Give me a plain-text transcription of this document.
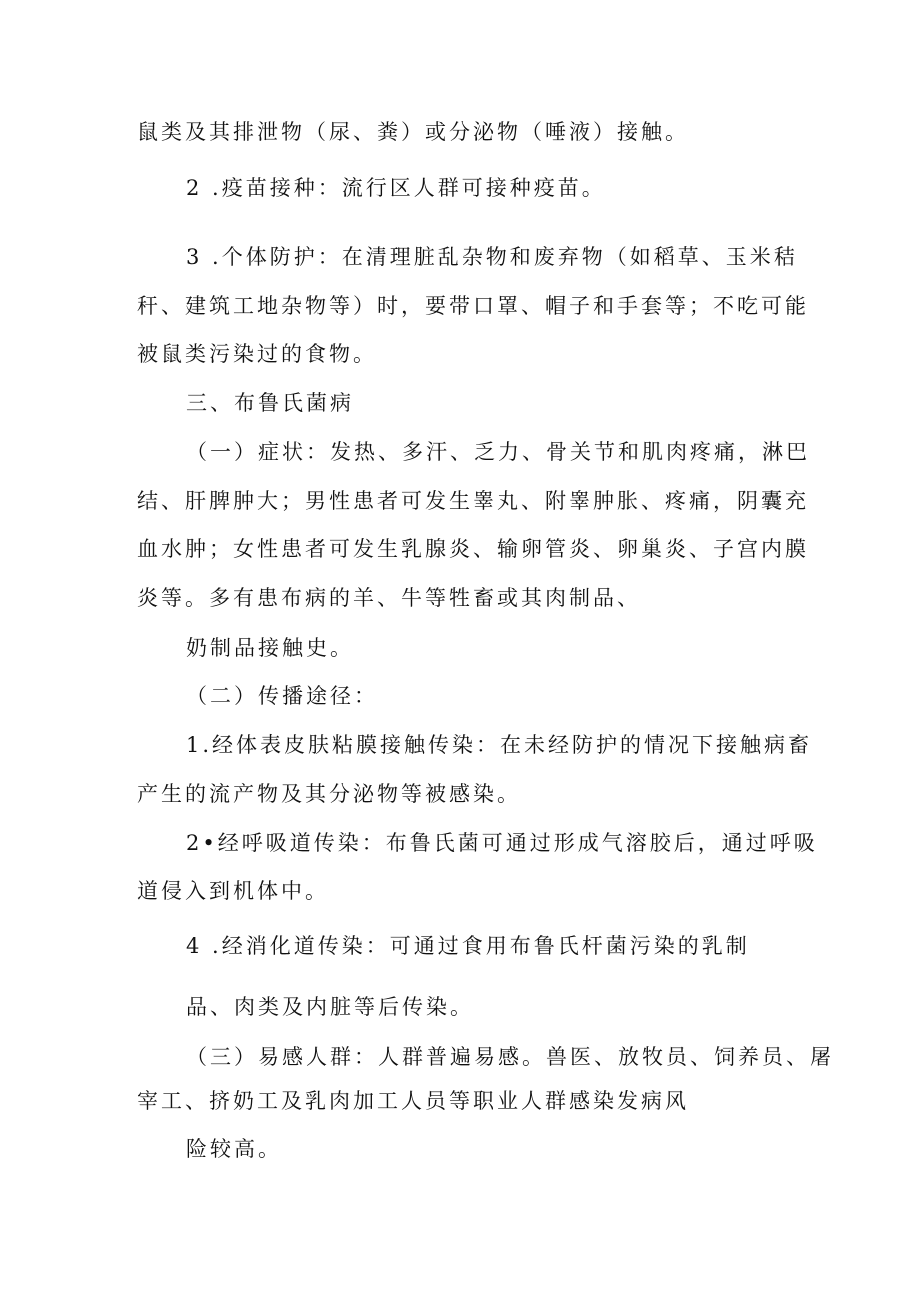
鼠类及其排泄物（尿、粪）或分泌物（唾液）接触。

2 .疫苗接种：流行区人群可接种疫苗。

3 .个体防护：在清理脏乱杂物和废弃物（如稻草、玉米秸

秆、建筑工地杂物等）时，要带口罩、帽子和手套等；不吃可能

被鼠类污染过的食物。

三、布鲁氏菌病

（一）症状：发热、多汗、乏力、骨关节和肌肉疼痛，淋巴

结、肝脾肿大；男性患者可发生睾丸、附睾肿胀、疼痛，阴囊充

血水肿；女性患者可发生乳腺炎、输卵管炎、卵巢炎、子宫内膜

炎等。多有患布病的羊、牛等牲畜或其肉制品、

奶制品接触史。

（二）传播途径：

1.经体表皮肤粘膜接触传染：在未经防护的情况下接触病畜

产生的流产物及其分泌物等被感染。

2•经呼吸道传染：布鲁氏菌可通过形成气溶胶后，通过呼吸

道侵入到机体中。

4 .经消化道传染：可通过食用布鲁氏杆菌污染的乳制

品、肉类及内脏等后传染。

（三）易感人群：人群普遍易感。兽医、放牧员、饲养员、屠

宰工、挤奶工及乳肉加工人员等职业人群感染发病风

险较高。
